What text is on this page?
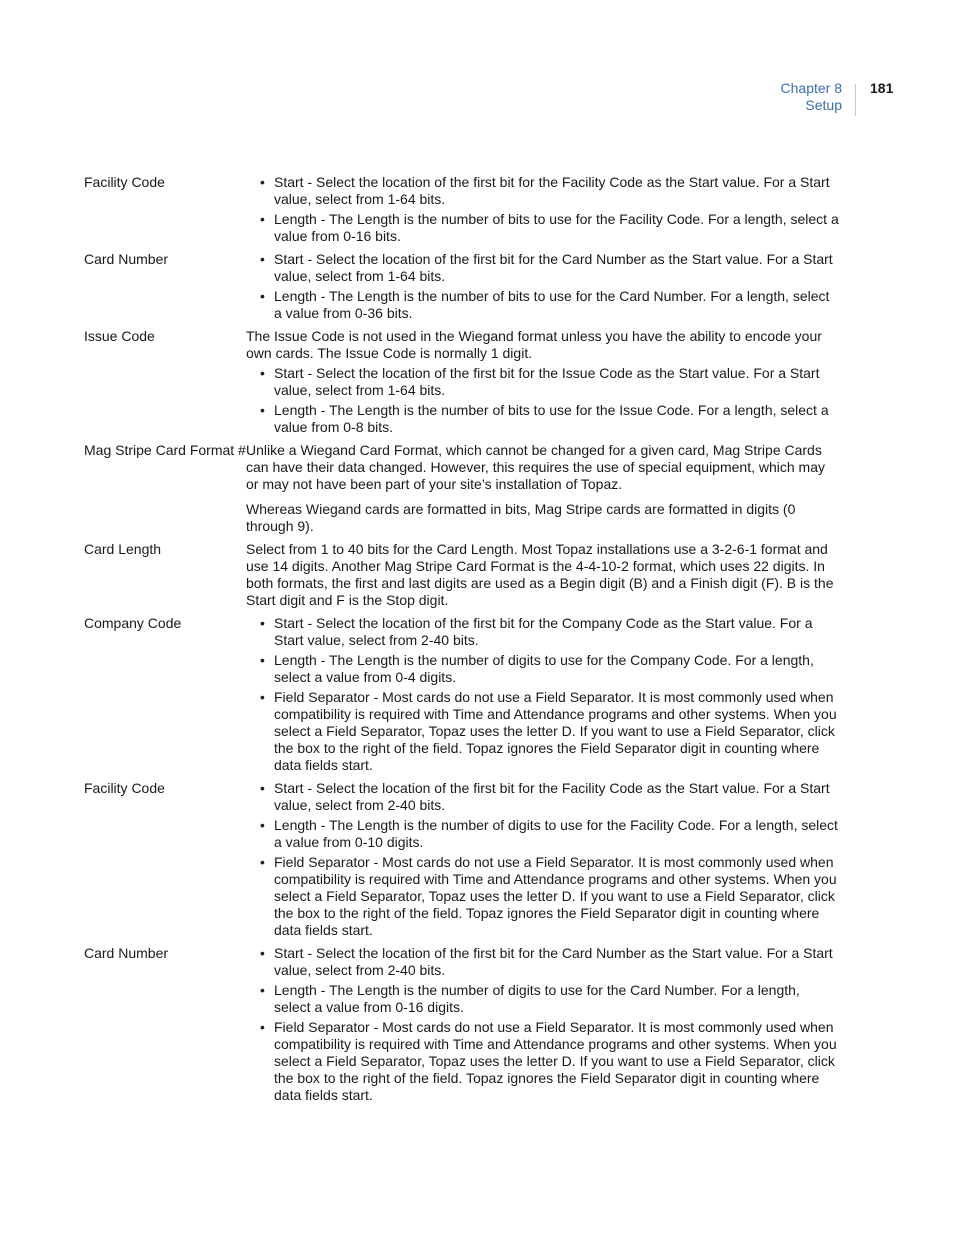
Chapter 8
Setup
181
Facility Code	• Start - Select the location of the first bit for the Facility Code as the Start value. For a Start value, select from 1-64 bits.
• Length - The Length is the number of bits to use for the Facility Code. For a length, select a value from 0-16 bits.
Card Number	• Start - Select the location of the first bit for the Card Number as the Start value. For a Start value, select from 1-64 bits.
• Length - The Length is the number of bits to use for the Card Number. For a length, select a value from 0-36 bits.
Issue Code	The Issue Code is not used in the Wiegand format unless you have the ability to encode your own cards. The Issue Code is normally 1 digit.

• Start - Select the location of the first bit for the Issue Code as the Start value. For a Start value, select from 1-64 bits.
• Length - The Length is the number of bits to use for the Issue Code. For a length, select a value from 0-8 bits.
Mag Stripe Card Format # Unlike a Wiegand Card Format, which cannot be changed for a given card, Mag Stripe Cards can have their data changed. However, this requires the use of special equipment, which may or may not have been part of your site’s installation of Topaz.

Whereas Wiegand cards are formatted in bits, Mag Stripe cards are formatted in digits (0 through 9).

Card Length	Select from 1 to 40 bits for the Card Length. Most Topaz installations use a 3-2-6-1 format and use 14 digits. Another Mag Stripe Card Format is the 4-4-10-2 format, which uses 22 digits. In both formats, the first and last digits are used as a Begin digit (B) and a Finish digit (F). B is the Start digit and F is the Stop digit.

Company Code	• Start - Select the location of the first bit for the Company Code as the Start value. For a Start value, select from 2-40 bits.
• Length - The Length is the number of digits to use for the Company Code. For a length, select a value from 0-4 digits.
• Field Separator - Most cards do not use a Field Separator. It is most commonly used when compatibility is required with Time and Attendance programs and other systems. When you select a Field Separator, Topaz uses the letter D. If you want to use a Field Separator, click the box to the right of the field. Topaz ignores the Field Separator digit in counting where data fields start.
Facility Code	• Start - Select the location of the first bit for the Facility Code as the Start value. For a Start value, select from 2-40 bits.
• Length - The Length is the number of digits to use for the Facility Code. For a length, select a value from 0-10 digits.
• Field Separator - Most cards do not use a Field Separator. It is most commonly used when compatibility is required with Time and Attendance programs and other systems. When you select a Field Separator, Topaz uses the letter D. If you want to use a Field Separator, click the box to the right of the field. Topaz ignores the Field Separator digit in counting where data fields start.
Card Number	• Start - Select the location of the first bit for the Card Number as the Start value. For a Start value, select from 2-40 bits.
• Length - The Length is the number of digits to use for the Card Number. For a length, select a value from 0-16 digits.
• Field Separator - Most cards do not use a Field Separator. It is most commonly used when compatibility is required with Time and Attendance programs and other systems. When you select a Field Separator, Topaz uses the letter D. If you want to use a Field Separator, click the box to the right of the field. Topaz ignores the Field Separator digit in counting where data fields start.
